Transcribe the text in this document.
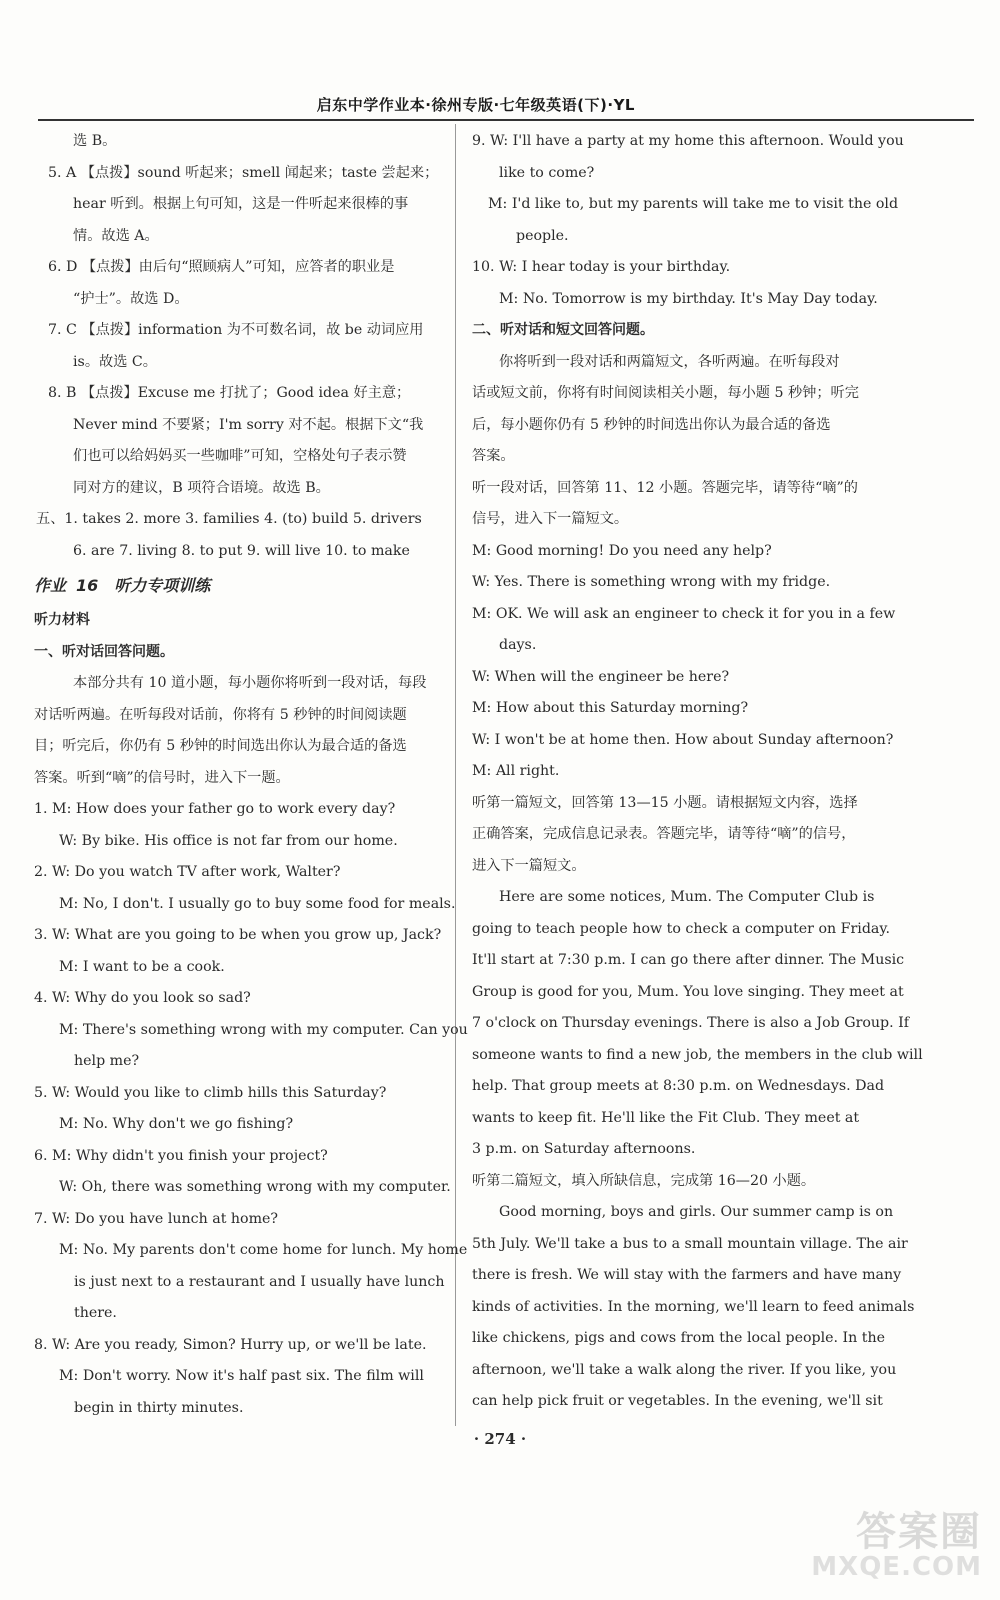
启东中学作业本·徐州专版·七年级英语(下)·YL
选 B。
5. A 【点拨】sound 听起来；smell 闻起来；taste 尝起来；
hear 听到。根据上句可知，这是一件听起来很棒的事
情。故选 A。
6. D 【点拨】由后句“照顾病人”可知，应答者的职业是
“护士”。故选 D。
7. C 【点拨】information 为不可数名词，故 be 动词应用
is。故选 C。
8. B 【点拨】Excuse me 打扰了；Good idea 好主意；
Never mind 不要紧；I'm sorry 对不起。根据下文“我
们也可以给妈妈买一些咖啡”可知，空格处句子表示赞
同对方的建议，B 项符合语境。故选 B。
五、1. takes 2. more 3. families 4. (to) build 5. drivers
6. are 7. living 8. to put 9. will live 10. to make
作业 16 听力专项训练
听力材料
一、听对话回答问题。
本部分共有 10 道小题，每小题你将听到一段对话，每段
对话听两遍。在听每段对话前，你将有 5 秒钟的时间阅读题
目；听完后，你仍有 5 秒钟的时间选出你认为最合适的备选
答案。听到“嘀”的信号时，进入下一题。
1. M: How does your father go to work every day?
W: By bike. His office is not far from our home.
2. W: Do you watch TV after work, Walter?
M: No, I don't. I usually go to buy some food for meals.
3. W: What are you going to be when you grow up, Jack?
M: I want to be a cook.
4. W: Why do you look so sad?
M: There's something wrong with my computer. Can you
help me?
5. W: Would you like to climb hills this Saturday?
M: No. Why don't we go fishing?
6. M: Why didn't you finish your project?
W: Oh, there was something wrong with my computer.
7. W: Do you have lunch at home?
M: No. My parents don't come home for lunch. My home
is just next to a restaurant and I usually have lunch
there.
8. W: Are you ready, Simon? Hurry up, or we'll be late.
M: Don't worry. Now it's half past six. The film will
begin in thirty minutes.
9. W: I'll have a party at my home this afternoon. Would you
like to come?
M: I'd like to, but my parents will take me to visit the old
people.
10. W: I hear today is your birthday.
M: No. Tomorrow is my birthday. It's May Day today.
二、听对话和短文回答问题。
你将听到一段对话和两篇短文，各听两遍。在听每段对
话或短文前，你将有时间阅读相关小题，每小题 5 秒钟；听完
后，每小题你仍有 5 秒钟的时间选出你认为最合适的备选
答案。
听一段对话，回答第 11、12 小题。答题完毕，请等待“嘀”的
信号，进入下一篇短文。
M: Good morning! Do you need any help?
W: Yes. There is something wrong with my fridge.
M: OK. We will ask an engineer to check it for you in a few
days.
W: When will the engineer be here?
M: How about this Saturday morning?
W: I won't be at home then. How about Sunday afternoon?
M: All right.
听第一篇短文，回答第 13—15 小题。请根据短文内容，选择
正确答案，完成信息记录表。答题完毕，请等待“嘀”的信号，
进入下一篇短文。
Here are some notices, Mum. The Computer Club is
going to teach people how to check a computer on Friday.
It'll start at 7:30 p.m. I can go there after dinner. The Music
Group is good for you, Mum. You love singing. They meet at
7 o'clock on Thursday evenings. There is also a Job Group. If
someone wants to find a new job, the members in the club will
help. That group meets at 8:30 p.m. on Wednesdays. Dad
wants to keep fit. He'll like the Fit Club. They meet at
3 p.m. on Saturday afternoons.
听第二篇短文，填入所缺信息，完成第 16—20 小题。
Good morning, boys and girls. Our summer camp is on
5th July. We'll take a bus to a small mountain village. The air
there is fresh. We will stay with the farmers and have many
kinds of activities. In the morning, we'll learn to feed animals
like chickens, pigs and cows from the local people. In the
afternoon, we'll take a walk along the river. If you like, you
can help pick fruit or vegetables. In the evening, we'll sit
· 274 ·
答案圈
MXQE.COM
